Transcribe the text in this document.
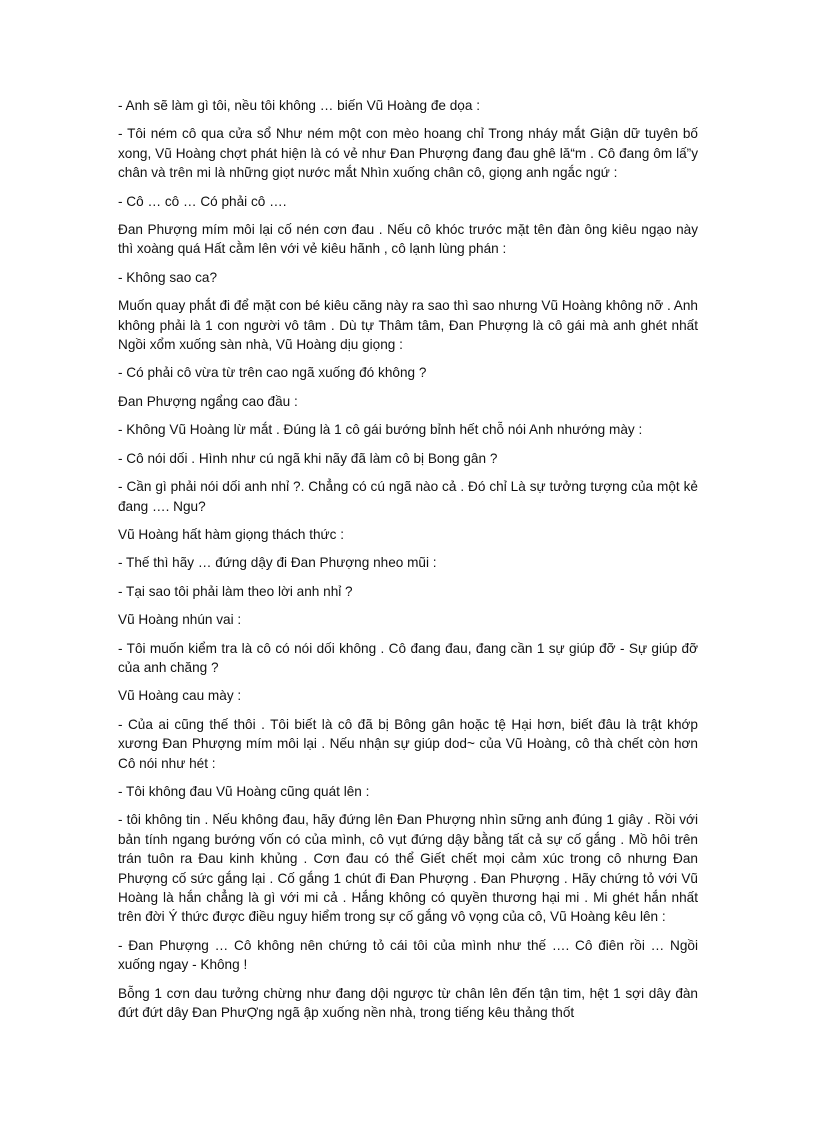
- Anh sẽ làm gì tôi, nều tôi không … biến Vũ Hoàng đe dọa :

- Tôi ném cô qua cửa sổ Như ném một con mèo hoang chỉ Trong nháy mắt Giận dữ tuyên bố xong, Vũ Hoàng chợt phát hiện là có vẻ như Đan Phượng đang đau ghê lă“m . Cô đang ôm lấ”y chân và trên mi là những giọt nước mắt Nhìn xuống chân cô, giọng anh ngắc ngứ :

- Cô … cô … Có phải cô ….

Đan Phượng mím môi lại cố nén cơn đau . Nếu cô khóc trước mặt tên đàn ông kiêu ngạo này thì xoàng quá Hất cằm lên với vẻ kiêu hãnh , cô lạnh lùng phán :

- Không sao ca?

Muốn quay phắt đi để mặt con bé kiêu căng này ra sao thì sao nhưng Vũ Hoàng không nỡ . Anh không phải là 1 con người vô tâm . Dù tự Thâm tâm, Đan Phượng là cô gái mà anh ghét nhất Ngồi xổm xuống sàn nhà, Vũ Hoàng dịu giọng :

- Có phải cô vừa từ trên cao ngã xuống đó không ?

Đan Phượng ngẩng cao đầu :

- Không Vũ Hoàng lừ mắt . Đúng là 1 cô gái bướng bỉnh hết chỗ nói Anh nhướng mày :

- Cô nói dối . Hình như cú ngã khi nãy đã làm cô bị Bong gân ?

- Cần gì phải nói dối anh nhỉ ?. Chẳng có cú ngã nào cả . Đó chỉ Là sự tưởng tượng của một kẻ đang …. Ngu?

Vũ Hoàng hất hàm giọng thách thức :

- Thế thì hãy … đứng dậy đi Đan Phượng nheo mũi :

- Tại sao tôi phải làm theo lời anh nhỉ ?

Vũ Hoàng nhún vai :

- Tôi muốn kiểm tra là cô có nói dối không . Cô đang đau, đang cần 1 sự giúp đỡ - Sự giúp đỡ của anh chăng ?

Vũ Hoàng cau mày :

- Của ai cũng thế thôi . Tôi biết là cô đã bị Bông gân hoặc tệ Hại hơn, biết đâu là trật khớp xương Đan Phượng mím môi lại . Nếu nhận sự giúp dod~ của Vũ Hoàng, cô thà chết còn hơn Cô nói như hét :

- Tôi không đau Vũ Hoàng cũng quát lên :

- tôi không tin . Nếu không đau, hãy đứng lên Đan Phượng nhìn sững anh đúng 1 giây . Rồi với bản tính ngang bướng vốn có của mình, cô vụt đứng dậy bằng tất cả sự cố gắng . Mồ hôi trên trán tuôn ra Đau kinh khủng . Cơn đau có thể Giết chết mọi cảm xúc trong cô nhưng Đan Phượng cố sức gắng lại . Cố gắng 1 chút đi Đan Phượng . Đan Phượng . Hãy chứng tỏ với Vũ Hoàng là hắn chẳng là gì với mi cả . Hắng không có quyền thương hại mi . Mi ghét hắn nhất trên đời Ý thức được điều nguy hiểm trong sự cố gắng vô vọng của cô, Vũ Hoàng kêu lên :

- Đan Phượng … Cô không nên chứng tỏ cái tôi của mình như thế …. Cô điên rồi … Ngồi xuống ngay - Không !

Bỗng 1 cơn dau tưởng chừng như đang dội ngược từ chân lên đến tận tim, hệt 1 sợi dây đàn đứt đứt dây Đan PhưỢng ngã ập xuống nền nhà, trong tiếng kêu thảng thốt
